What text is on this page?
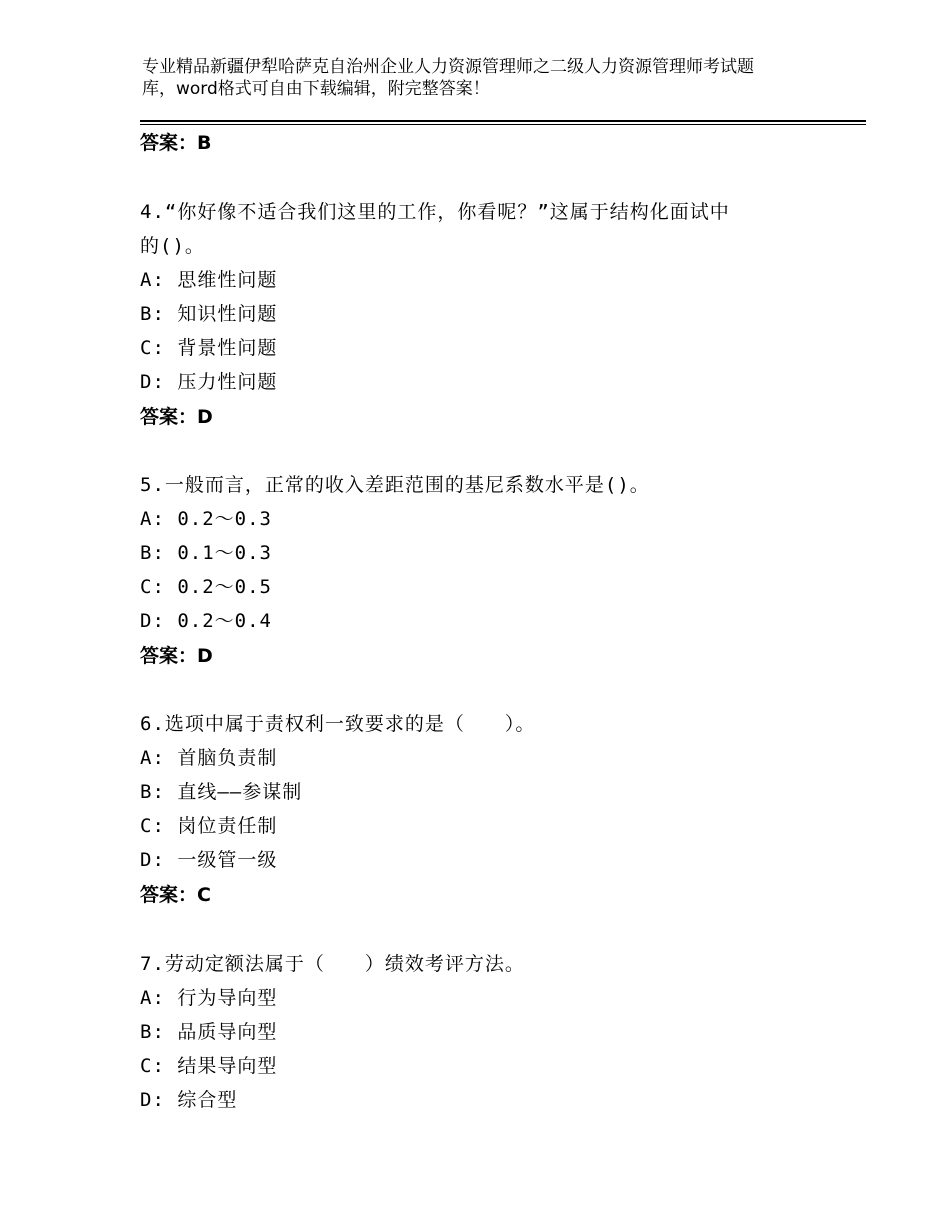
专业精品新疆伊犁哈萨克自治州企业人力资源管理师之二级人力资源管理师考试题
库，word格式可自由下载编辑，附完整答案！
答案：B
4.“你好像不适合我们这里的工作，你看呢？”这属于结构化面试中
的()。
A: 思维性问题
B: 知识性问题
C: 背景性问题
D: 压力性问题
答案：D
5.一般而言，正常的收入差距范围的基尼系数水平是()。
A: 0.2～0.3
B: 0.1～0.3
C: 0.2～0.5
D: 0.2～0.4
答案：D
6.选项中属于责权利一致要求的是（　　）。
A: 首脑负责制
B: 直线——参谋制
C: 岗位责任制
D: 一级管一级
答案：C
7.劳动定额法属于（　　）绩效考评方法。
A: 行为导向型
B: 品质导向型
C: 结果导向型
D: 综合型
